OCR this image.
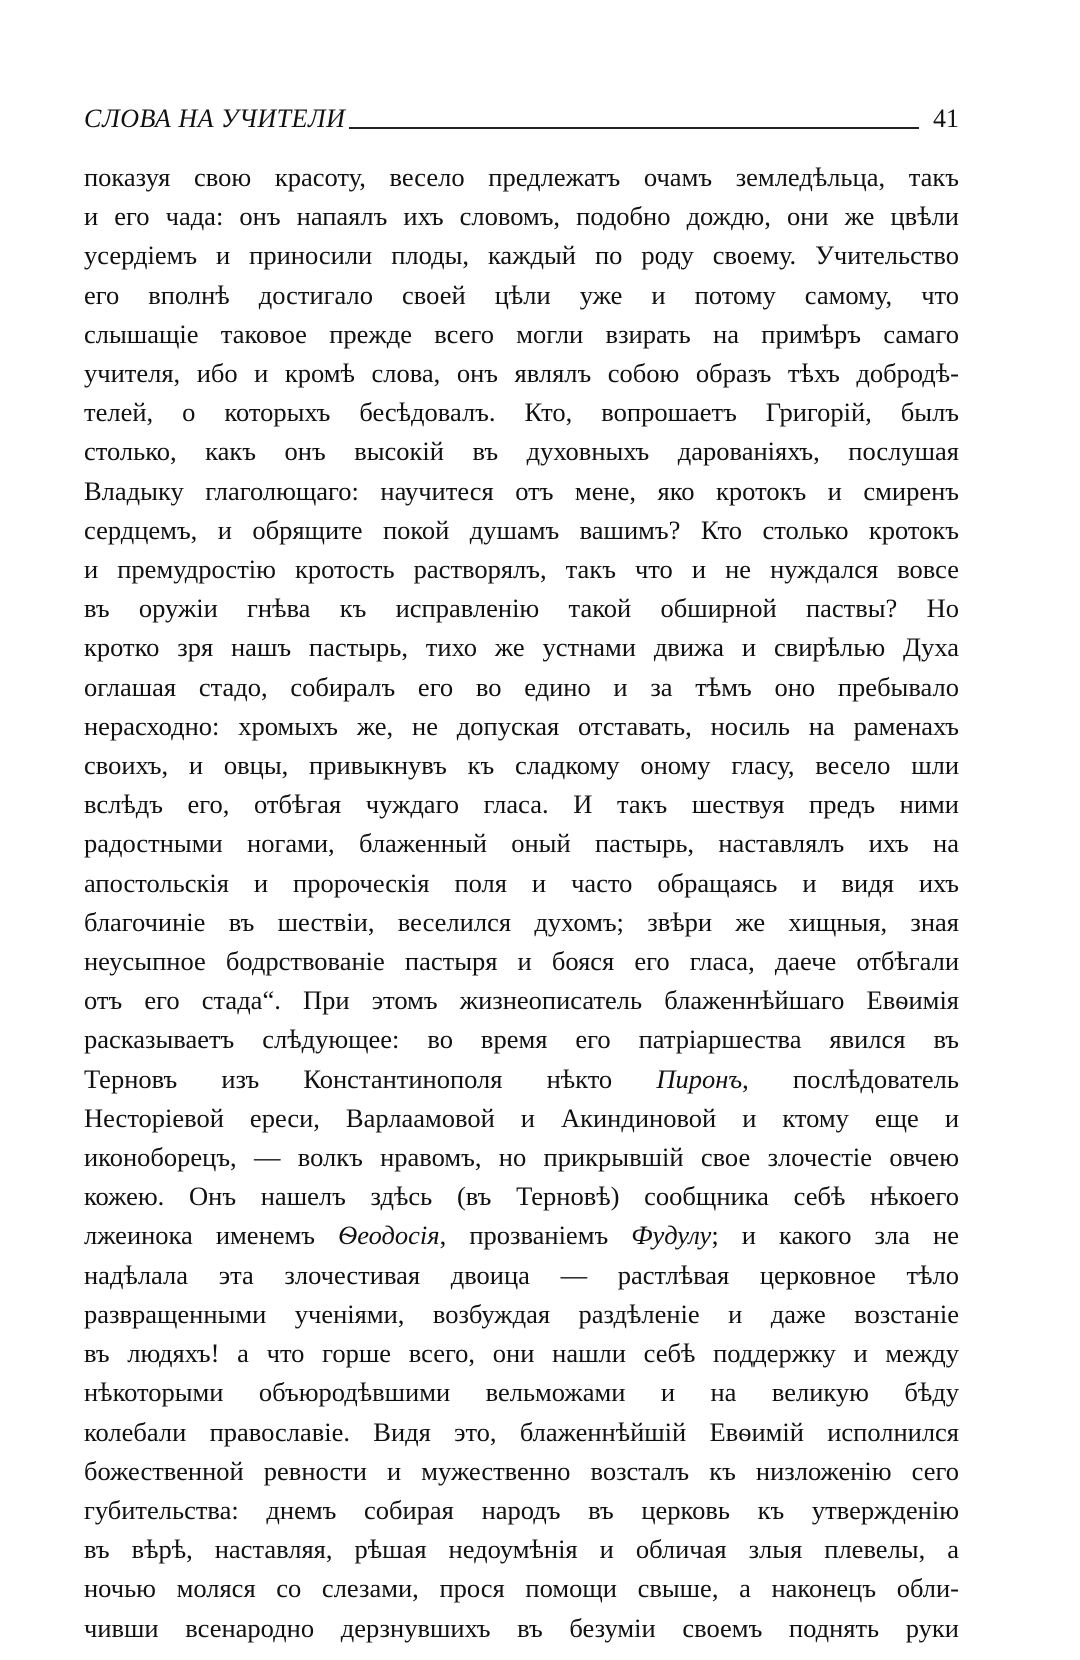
СЛОВА НА УЧИТЕЛИ	41
показуя свою красоту, весело предлежатъ очамъ земледѣльца, такъ
и его чада: онъ напаялъ ихъ словомъ, подобно дождю, они же цвѣли
усердіемъ и приносили плоды, каждый по роду своему. Учительство
его вполнѣ достигало своей цѣли уже и потому самому, что
слышащіе таковое прежде всего могли взирать на примѣръ самаго
учителя, ибо и кромѣ слова, онъ являлъ собою образъ тѣхъ добродѣ-
телей, о которыхъ бесѣдовалъ. Кто, вопрошаетъ Григорій, былъ
столько, какъ онъ высокій въ духовныхъ дарованіяхъ, послушая
Владыку глаголющаго: научитеся отъ мене, яко кротокъ и смиренъ
сердцемъ, и обрящите покой душамъ вашимъ? Кто столько кротокъ
и премудростію кротость растворялъ, такъ что и не нуждался вовсе
въ оружіи гнѣва къ исправленію такой обширной паствы? Но
кротко зря нашъ пастырь, тихо же устнами движа и свирѣлью Духа
оглашая стадо, собиралъ его во едино и за тѣмъ оно пребывало
нерасходно: хромыхъ же, не допуская отставать, носиль на раменахъ
своихъ, и овцы, привыкнувъ къ сладкому оному гласу, весело шли
вслѣдъ его, отбѣгая чуждаго гласа. И такъ шествуя предъ ними
радостными ногами, блаженный оный пастырь, наставлялъ ихъ на
апостольскія и пророческія поля и часто обращаясь и видя ихъ
благочиніе въ шествіи, веселился духомъ; звѣри же хищныя, зная
неусыпное бодрствованіе пастыря и бояся его гласа, даече отбѣгали
отъ его стада“. При этомъ жизнеописатель блаженнѣйшаго Евѳимія
расказываетъ слѣдующее: во время его патріаршества явился въ
Терновъ изъ Константинополя нѣкто Пиронъ, послѣдователь
Несторіевой ереси, Варлаамовой и Акиндиновой и ктому еще и
иконоборецъ, — волкъ нравомъ, но прикрывшій свое злочестіе овчею
кожею. Онъ нашелъ здѣсь (въ Терновѣ) сообщника себѣ нѣкоего
лжеинока именемъ Ѳеодосія, прозваніемъ Фудулу; и какого зла не
надѣлала эта злочестивая двоица — растлѣвая церковное тѣло
развращенными ученіями, возбуждая раздѣленіе и даже возстаніе
въ людяхъ! а что горше всего, они нашли себѣ поддержку и между
нѣкоторыми объюродѣвшими вельможами и на великую бѣду
колебали православіе. Видя это, блаженнѣйшій Евѳимій исполнился
божественной ревности и мужественно возсталъ къ низложенію сего
губительства: днемъ собирая народъ въ церковь къ утвержденію
въ вѣрѣ, наставляя, рѣшая недоумѣнія и обличая злыя плевелы, а
ночью моляся со слезами, прося помощи свыше, а наконецъ обли-
чивши всенародно дерзнувшихъ въ безуміи своемъ поднять руки
